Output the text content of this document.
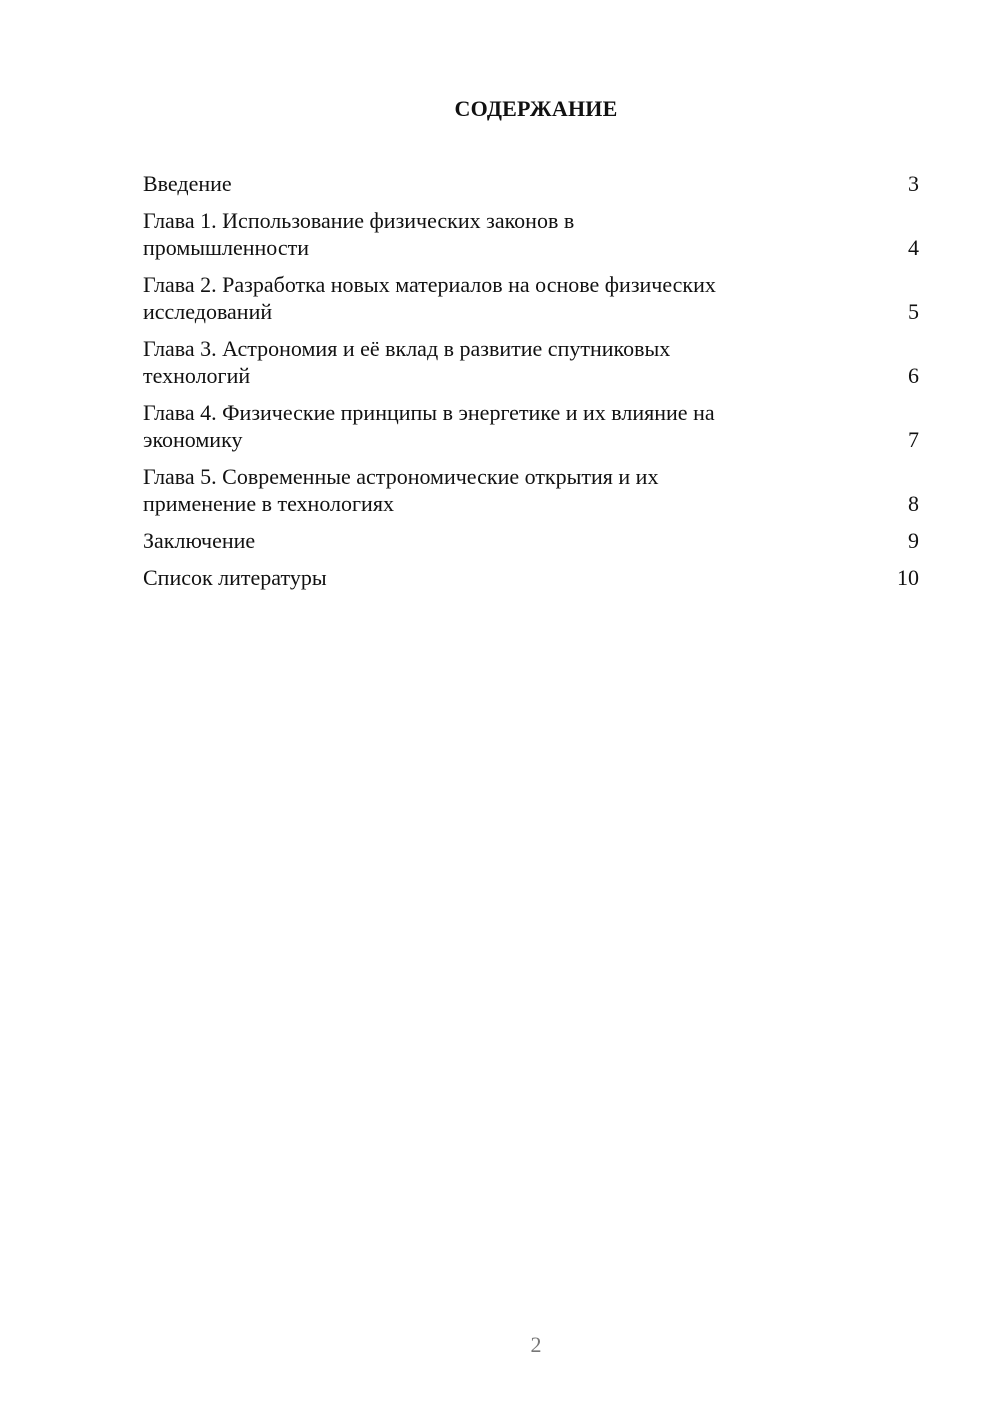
СОДЕРЖАНИЕ
Введение	3
Глава 1. Использование физических законов в
промышленности	4
Глава 2. Разработка новых материалов на основе физических
исследований	5
Глава 3. Астрономия и её вклад в развитие спутниковых
технологий	6
Глава 4. Физические принципы в энергетике и их влияние на
экономику	7
Глава 5. Современные астрономические открытия и их
применение в технологиях	8
Заключение	9
Список литературы	10
2
